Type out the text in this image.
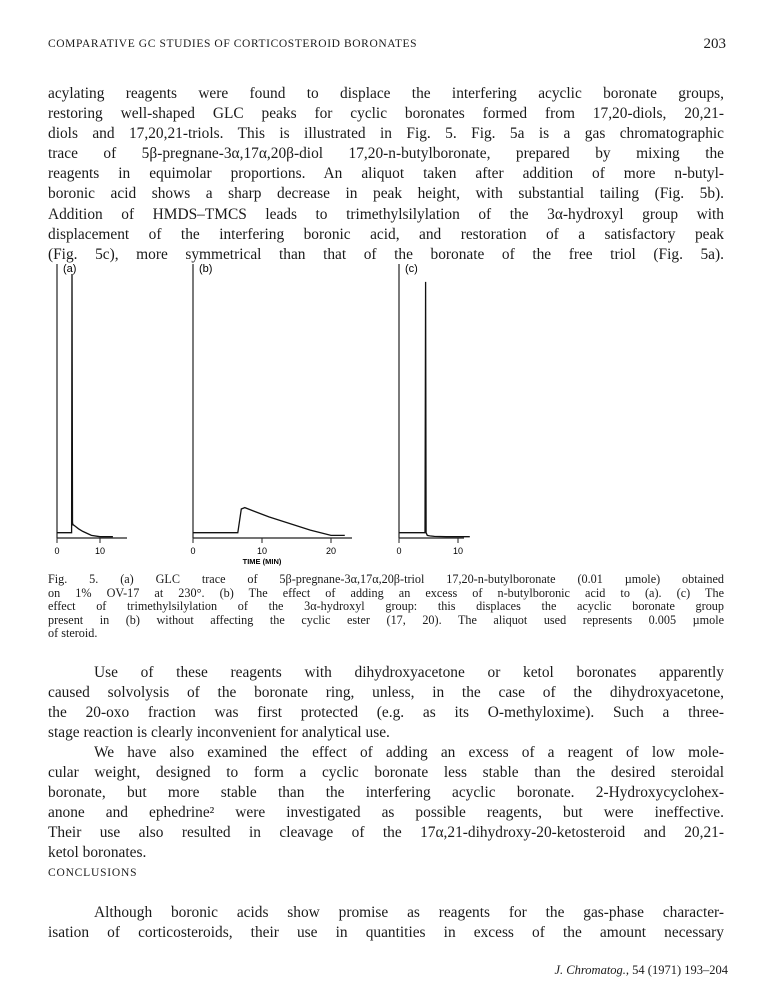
COMPARATIVE GC STUDIES OF CORTICOSTEROID BORONATES	203

acylating reagents were found to displace the interfering acyclic boronate groups,
restoring well-shaped GLC peaks for cyclic boronates formed from 17,20-diols, 20,21-
diols and 17,20,21-triols. This is illustrated in Fig. 5. Fig. 5a is a gas chromatographic
trace of 5β-pregnane-3α,17α,20β-diol 17,20-n-butylboronate, prepared by mixing the
reagents in equimolar proportions. An aliquot taken after addition of more n-butyl-
boronic acid shows a sharp decrease in peak height, with substantial tailing (Fig. 5b).
Addition of HMDS–TMCS leads to trimethylsilylation of the 3α-hydroxyl group with
displacement of the interfering boronic acid, and restoration of a satisfactory peak
(Fig. 5c), more symmetrical than that of the boronate of the free triol (Fig. 5a).

(a)	(b)	(c)
0	10	0	10	20	0	10
TIME (MIN)

Fig. 5. (a) GLC trace of 5β-pregnane-3α,17α,20β-triol 17,20-n-butylboronate (0.01 µmole) obtained
on 1% OV-17 at 230°. (b) The effect of adding an excess of n-butylboronic acid to (a). (c) The
effect of trimethylsilylation of the 3α-hydroxyl group: this displaces the acyclic boronate group
present in (b) without affecting the cyclic ester (17, 20). The aliquot used represents 0.005 µmole
of steroid.

Use of these reagents with dihydroxyacetone or ketol boronates apparently
caused solvolysis of the boronate ring, unless, in the case of the dihydroxyacetone,
the 20-oxo fraction was first protected (e.g. as its O-methyloxime). Such a three-
stage reaction is clearly inconvenient for analytical use.

We have also examined the effect of adding an excess of a reagent of low mole-
cular weight, designed to form a cyclic boronate less stable than the desired steroidal
boronate, but more stable than the interfering acyclic boronate. 2-Hydroxycyclohex-
anone and ephedrine² were investigated as possible reagents, but were ineffective.
Their use also resulted in cleavage of the 17α,21-dihydroxy-20-ketosteroid and 20,21-
ketol boronates.

CONCLUSIONS

Although boronic acids show promise as reagents for the gas-phase character-
isation of corticosteroids, their use in quantities in excess of the amount necessary

J. Chromatog., 54 (1971) 193–204
